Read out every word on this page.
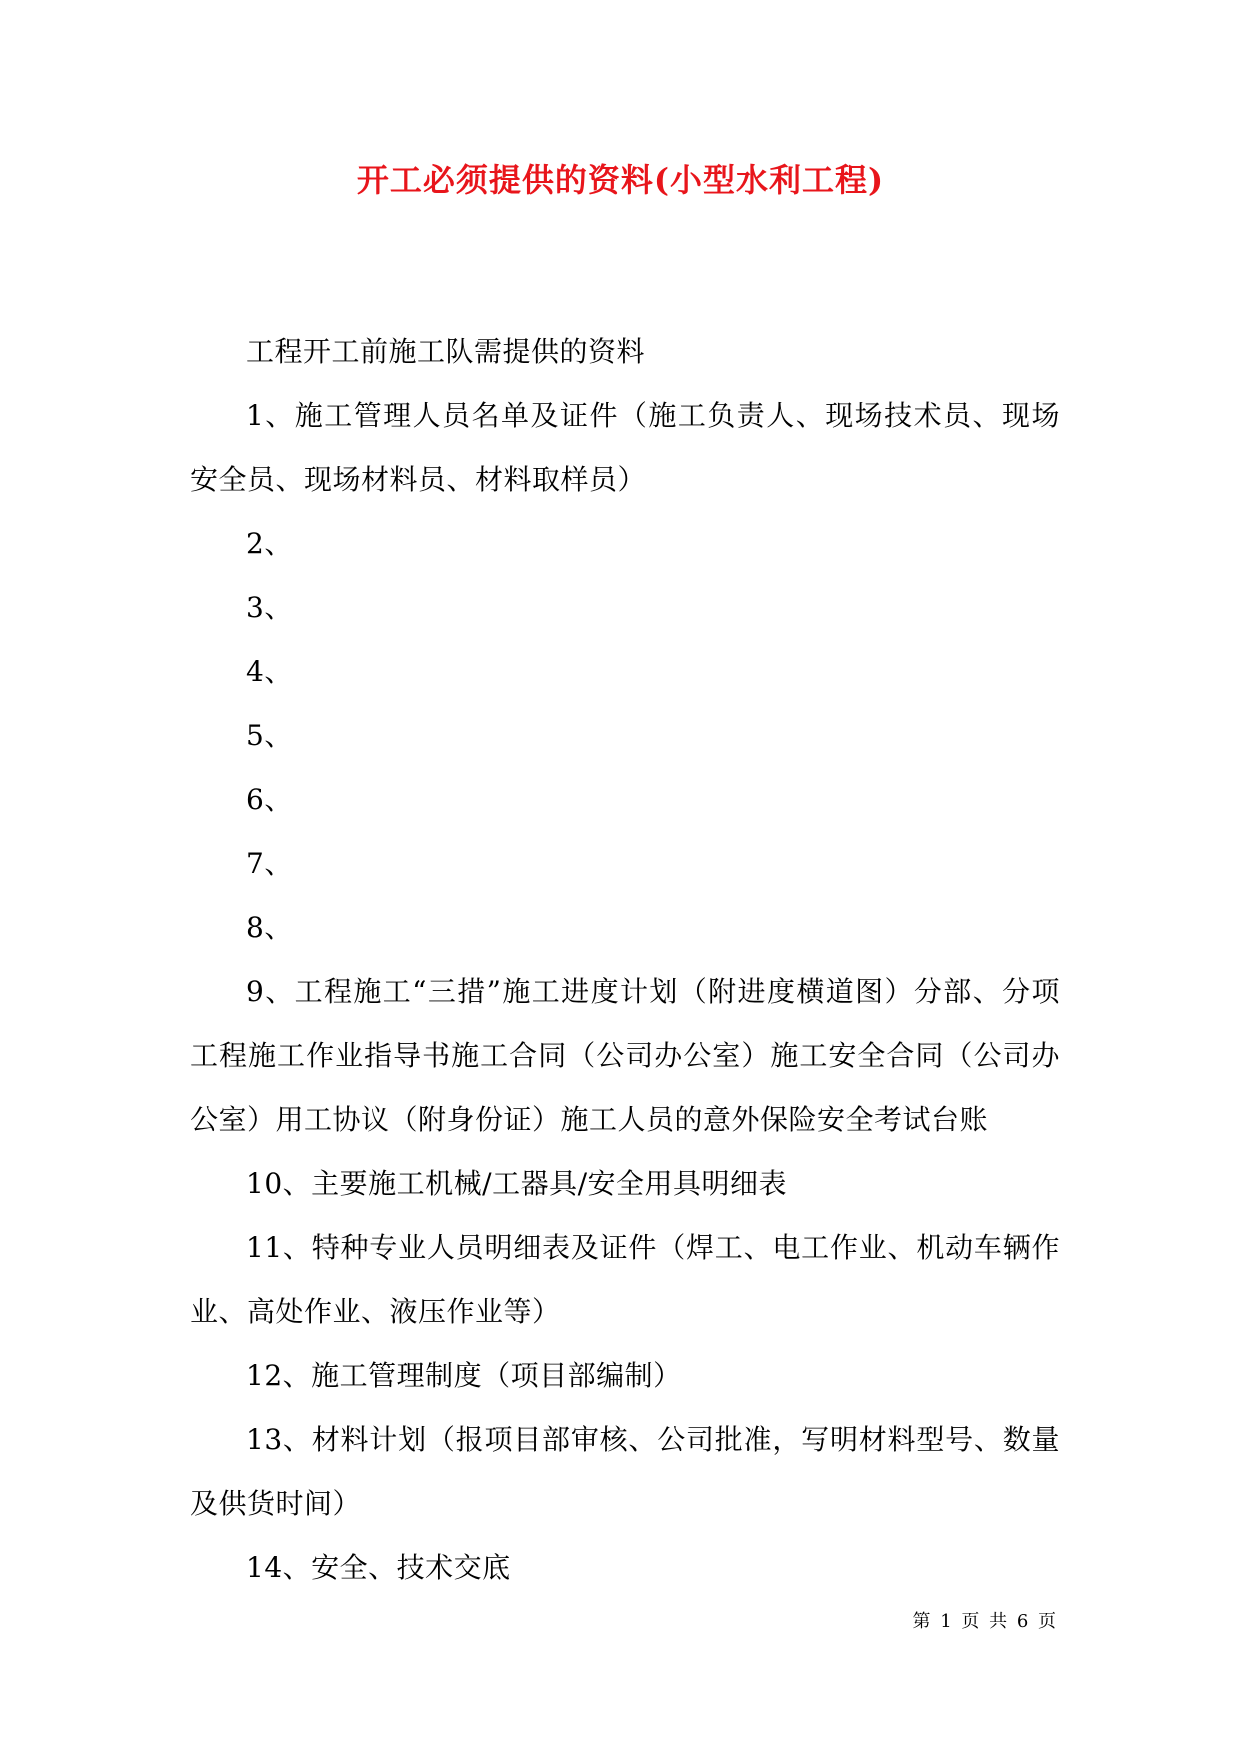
开工必须提供的资料(小型水利工程)

工程开工前施工队需提供的资料

1、施工管理人员名单及证件（施工负责人、现场技术员、现场安全员、现场材料员、材料取样员）

2、

3、

4、

5、

6、

7、

8、

9、工程施工“三措”施工进度计划（附进度横道图）分部、分项工程施工作业指导书施工合同（公司办公室）施工安全合同（公司办公室）用工协议（附身份证）施工人员的意外保险安全考试台账

10、主要施工机械/工器具/安全用具明细表

11、特种专业人员明细表及证件（焊工、电工作业、机动车辆作业、高处作业、液压作业等）

12、施工管理制度（项目部编制）

13、材料计划（报项目部审核、公司批准，写明材料型号、数量及供货时间）

14、安全、技术交底

第 1 页 共 6 页
